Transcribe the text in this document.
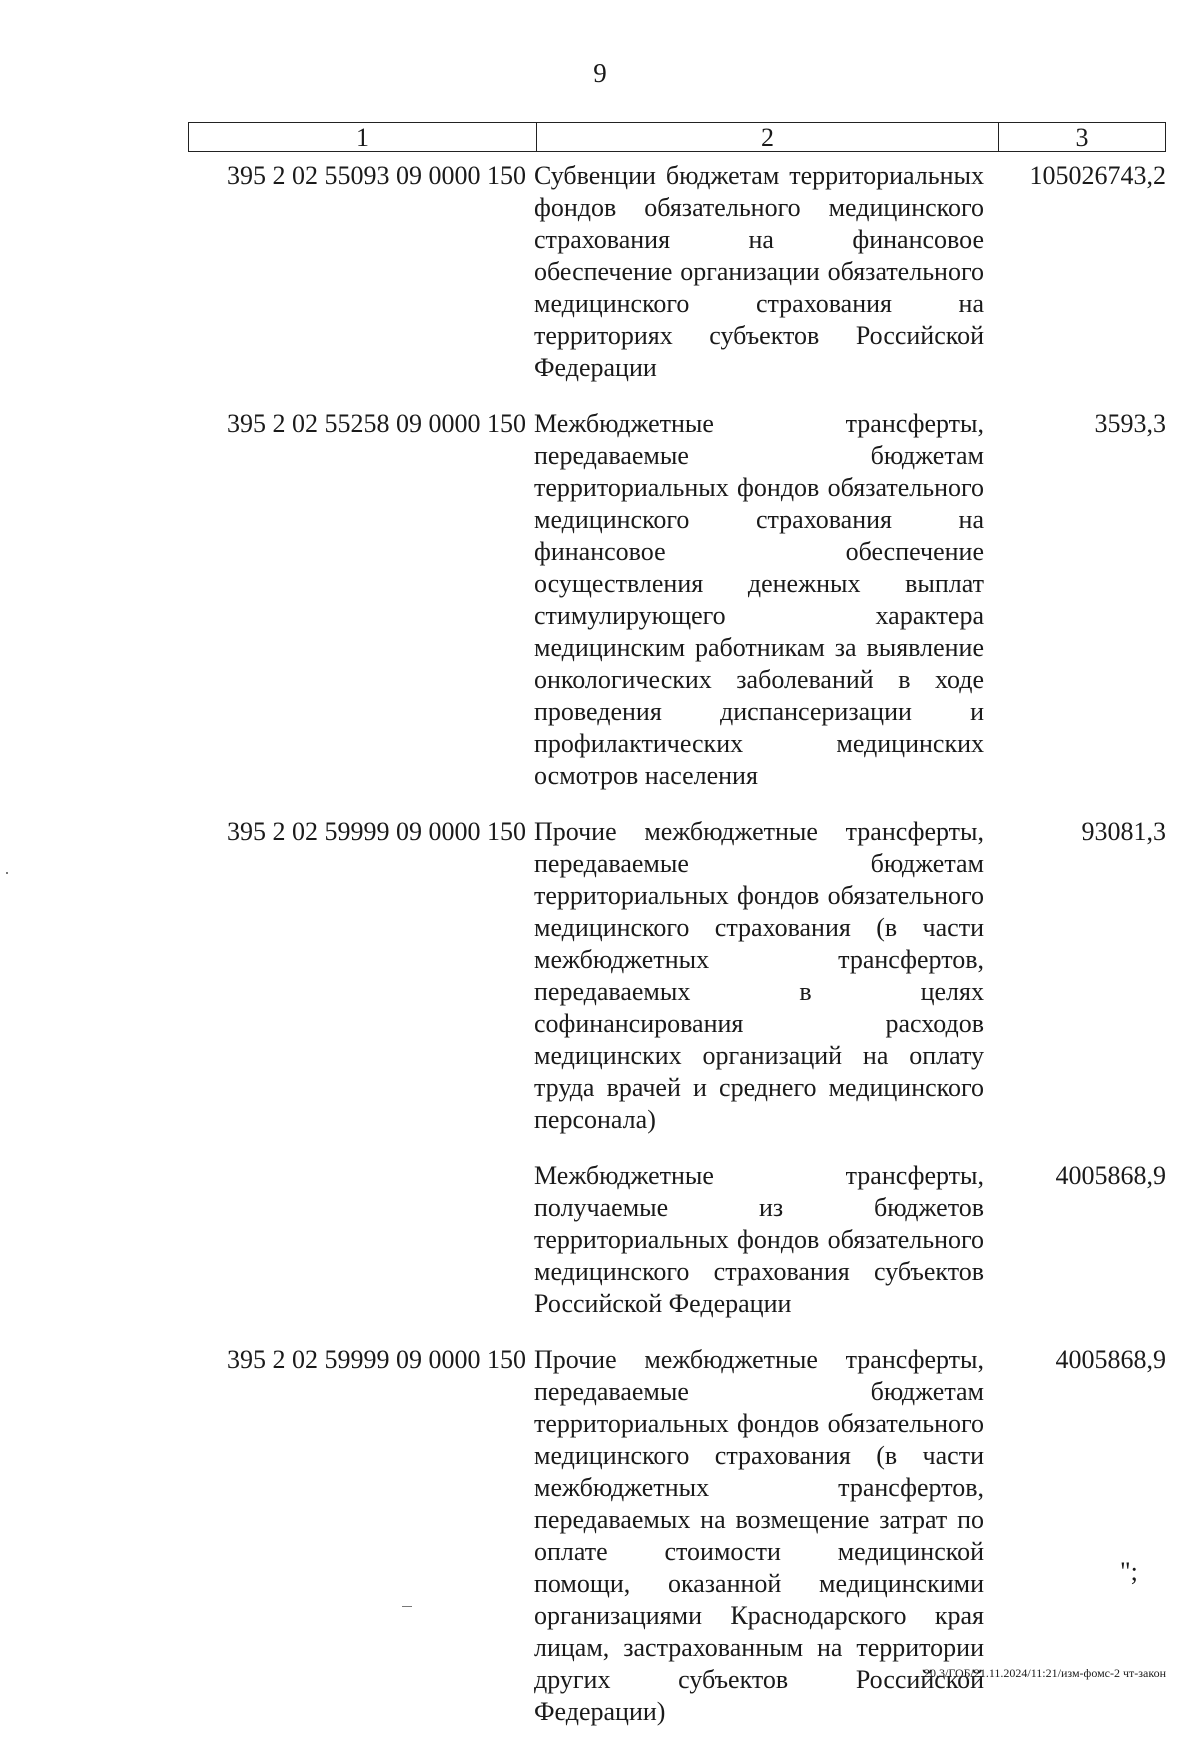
9
1	2	3
395 2 02 55093 09 0000 150 Субвенции бюджетам территориальных фондов обязательного медицинского страхования на финансовое обеспечение организации обязательного медицинского страхования на территориях субъектов Российской Федерации
105026743,2
395 2 02 55258 09 0000 150 Межбюджетные трансферты, передаваемые бюджетам территориальных фондов обязательного медицинского страхования на финансовое обеспечение осуществления денежных выплат стимулирующего характера медицинским работникам за выявление онкологических заболеваний в ходе проведения диспансеризации и профилактических медицинских осмотров населения
3593,3
395 2 02 59999 09 0000 150 Прочие межбюджетные трансферты, передаваемые бюджетам территориальных фондов обязательного медицинского страхования (в части межбюджетных трансфертов, передаваемых в целях софинансирования расходов медицинских организаций на оплату труда врачей и среднего медицинского персонала)
93081,3
Межбюджетные трансферты, получаемые из бюджетов территориальных фондов обязательного медицинского страхования субъектов Российской Федерации
4005868,9
395 2 02 59999 09 0000 150 Прочие межбюджетные трансферты, передаваемые бюджетам территориальных фондов обязательного медицинского страхования (в части межбюджетных трансфертов, передаваемых на возмещение затрат по оплате стоимости медицинской помощи, оказанной медицинскими организациями Краснодарского края лицам, застрахованным на территории других субъектов Российской Федерации)
4005868,9
";
20.3/ГОБ/21.11.2024/11:21/изм-фомс-2 чт-закон
